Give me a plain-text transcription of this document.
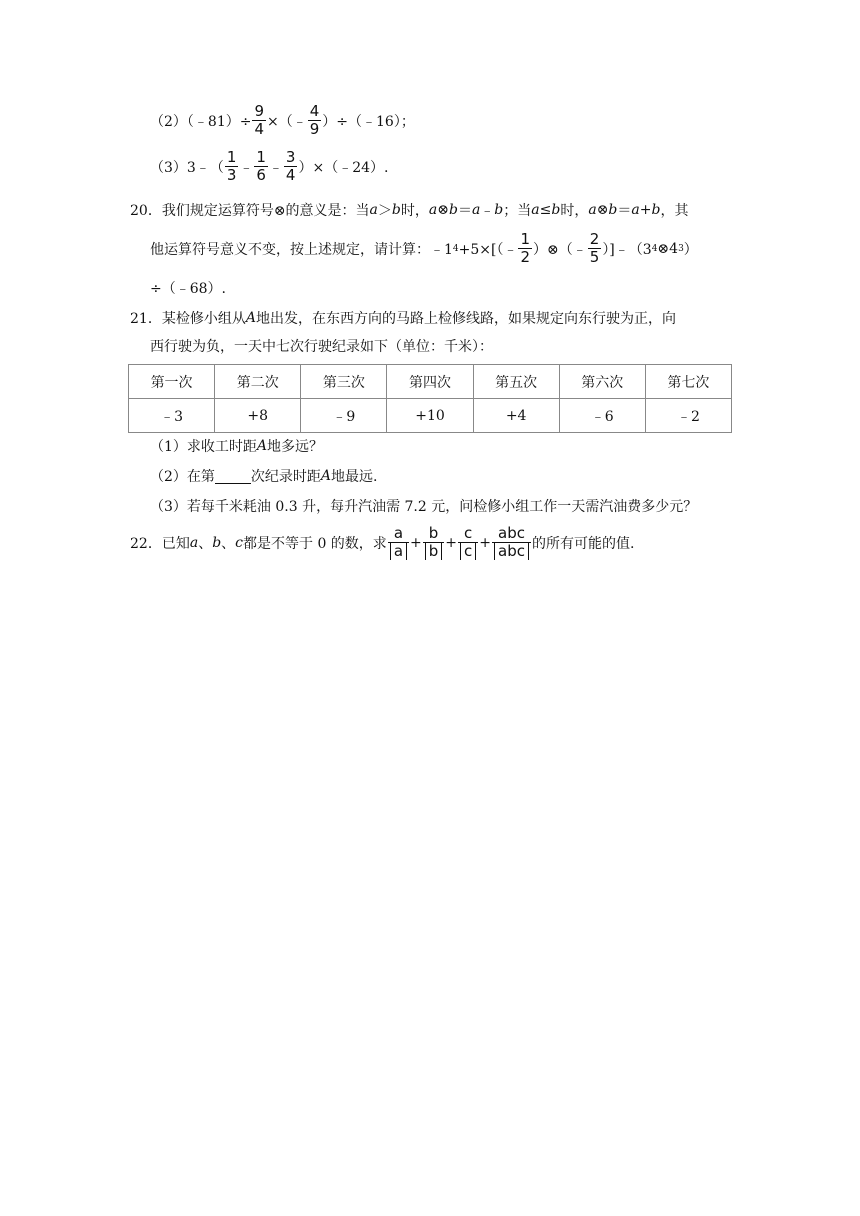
（2）（﹣81）÷ $\frac{9}{4}$ ×（﹣ $\frac{4}{9}$ ）÷（﹣16）；
（3）3﹣（ $\frac{1}{3}$ ﹣ $\frac{1}{6}$ ﹣ $\frac{3}{4}$ ）×（﹣24）.
20．我们规定运算符号⊗的意义是：当 a ＞ b 时， a ⊗ b ＝ a ﹣ b ；当 a ≤ b 时， a ⊗ b ＝ a + b ，其
他运算符号意义不变，按上述规定，请计算：﹣1 4 +5×[（﹣ $\frac{1}{2}$ ）⊗（﹣ $\frac{2}{5}$ ）]﹣（3 4 ⊗4 3 ）
÷（﹣68）.
21．某检修小组从 A 地出发，在东西方向的马路上检修线路，如果规定向东行驶为正，向
西行驶为负，一天中七次行驶纪录如下（单位：千米）：
第一次	第二次	第三次	第四次	第五次	第六次	第七次
﹣3	+8	﹣9	+10	+4	﹣6	﹣2
（1）求收工时距 A 地多远？
（2）在第	次纪录时距 A 地最远.
（3）若每千米耗油 0.3 升，每升汽油需 7.2 元，问检修小组工作一天需汽油费多少元？
22．已知 a 、 b 、 c 都是不等于 0 的数，求 $\frac{a}{a} + \frac{b}{b} + \frac{c}{c} + \frac{\text{abc}}{\text{abc}}$ 的所有可能的值.
